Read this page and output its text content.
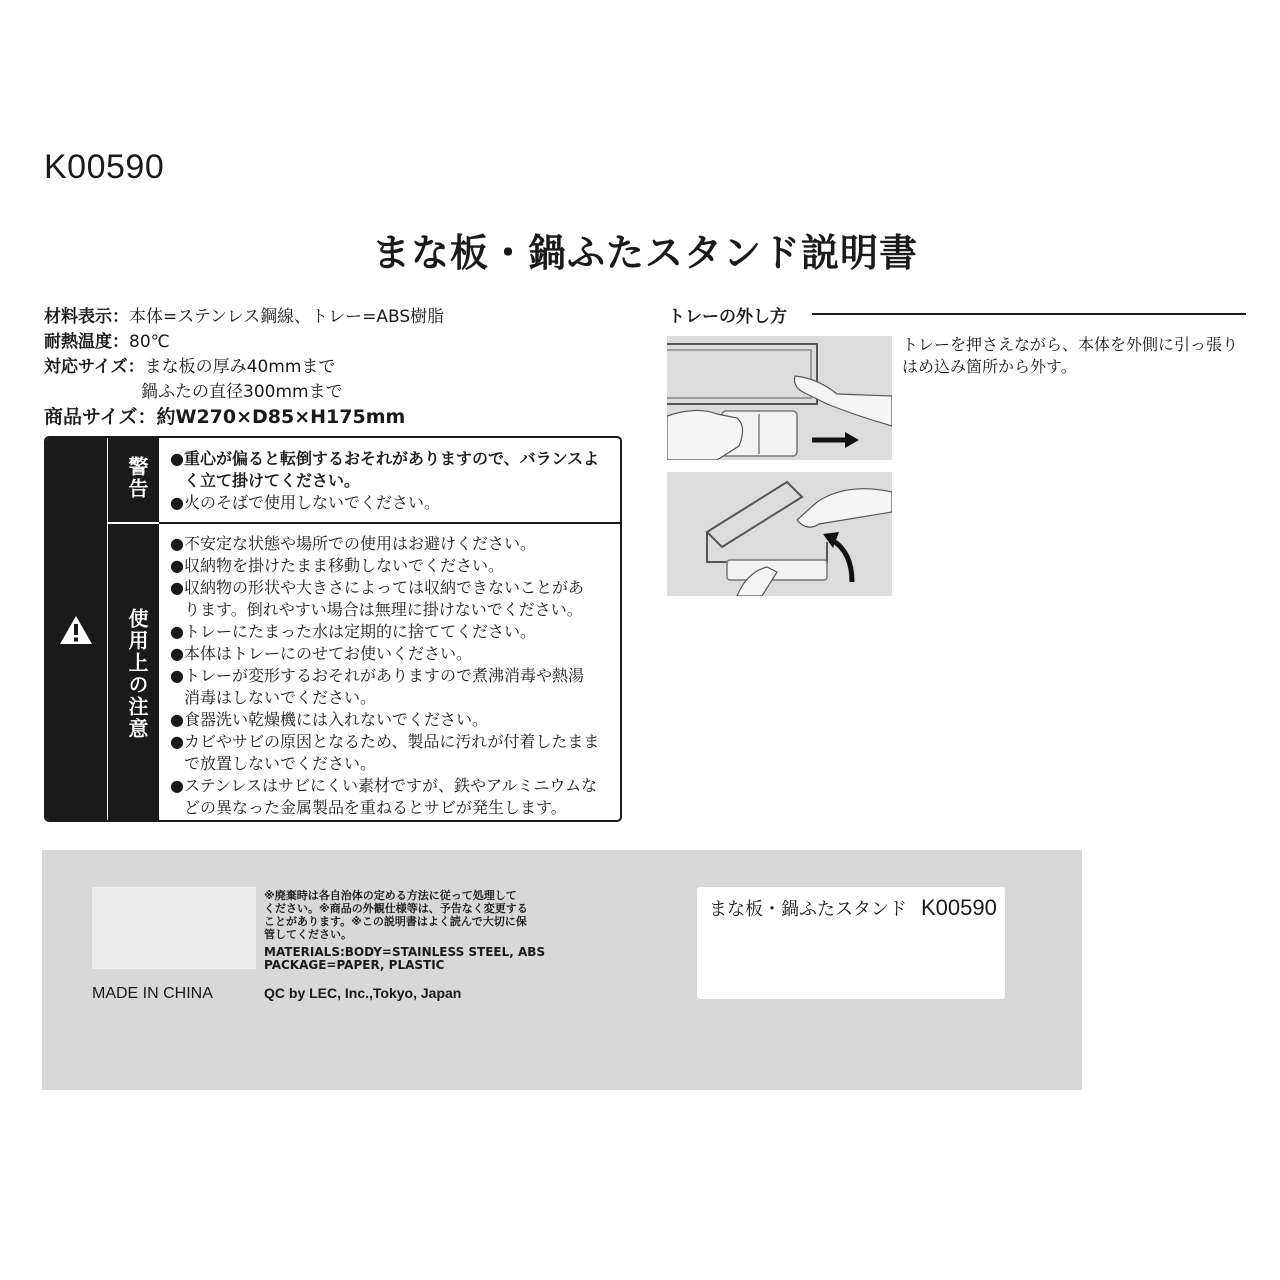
K00590
まな板・鍋ふたスタンド説明書
材料表示：本体=ステンレス鋼線、トレー=ABS樹脂
耐熱温度：80℃
対応サイズ：まな板の厚み40mmまで
鍋ふたの直径300mmまで
商品サイズ：約W270×D85×H175mm
警告
使用上の注意
●重心が偏ると転倒するおそれがありますので、バランスよ
く立て掛けてください。
●火のそばで使用しないでください。
●不安定な状態や場所での使用はお避けください。
●収納物を掛けたまま移動しないでください。
●収納物の形状や大きさによっては収納できないことがあ
ります。倒れやすい場合は無理に掛けないでください。
●トレーにたまった水は定期的に捨ててください。
●本体はトレーにのせてお使いください。
●トレーが変形するおそれがありますので煮沸消毒や熱湯
消毒はしないでください。
●食器洗い乾燥機には入れないでください。
●カビやサビの原因となるため、製品に汚れが付着したまま
で放置しないでください。
●ステンレスはサビにくい素材ですが、鉄やアルミニウムな
どの異なった金属製品を重ねるとサビが発生します。
トレーの外し方
トレーを押さえながら、本体を外側に引っ張りはめ込み箇所から外す。
MADE IN CHINA
※廃棄時は各自治体の定める方法に従って処理して
ください。※商品の外観仕様等は、予告なく変更する
ことがあります。※この説明書はよく読んで大切に保
管してください。
MATERIALS:BODY=STAINLESS STEEL, ABS
PACKAGE=PAPER, PLASTIC
QC by LEC, Inc.,Tokyo, Japan
まな板・鍋ふたスタンド K00590
